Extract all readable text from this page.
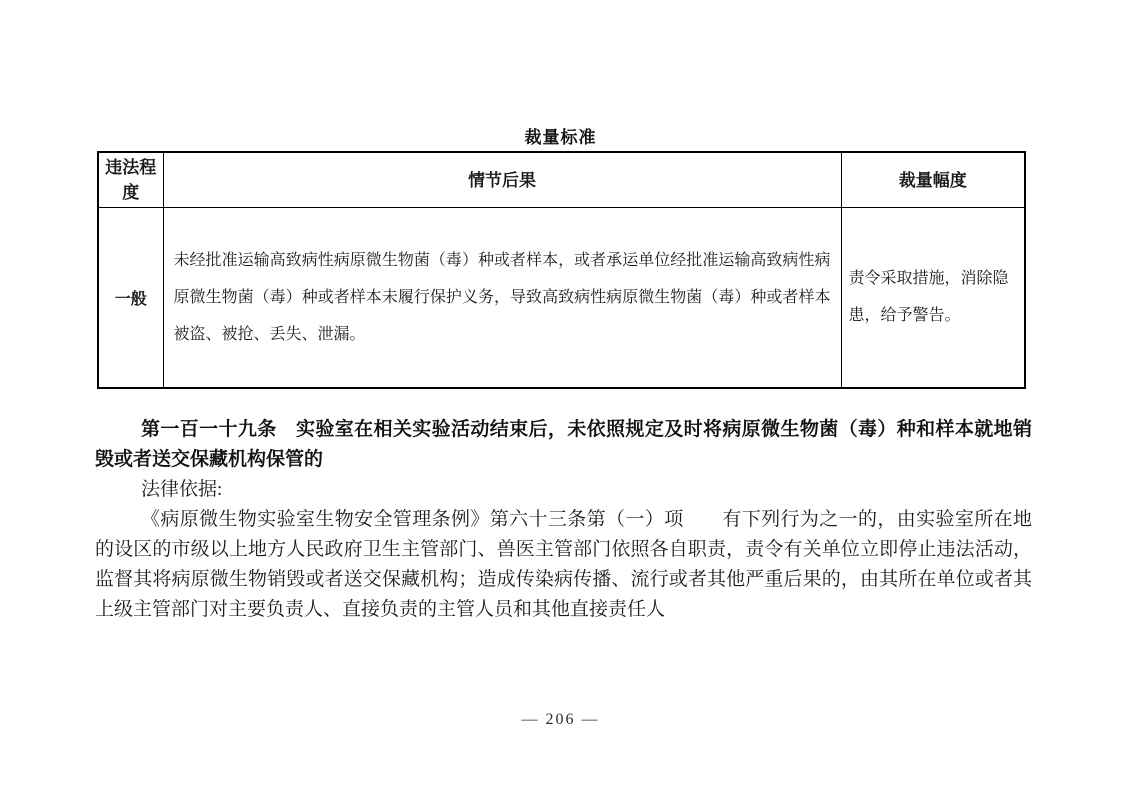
裁量标准
违法程度	情节后果	裁量幅度
一般	未经批准运输高致病性病原微生物菌（毒）种或者样本，或者承运单位经批准运输高致病性病原微生物菌（毒）种或者样本未履行保护义务，导致高致病性病原微生物菌（毒）种或者样本被盗、被抢、丢失、泄漏。	责令采取措施，消除隐患，给予警告。

第一百一十九条　实验室在相关实验活动结束后，未依照规定及时将病原微生物菌（毒）种和样本就地销毁或者送交保藏机构保管的

法律依据:

《病原微生物实验室生物安全管理条例》第六十三条第（一）项　　有下列行为之一的，由实验室所在地的设区的市级以上地方人民政府卫生主管部门、兽医主管部门依照各自职责，责令有关单位立即停止违法活动，监督其将病原微生物销毁或者送交保藏机构；造成传染病传播、流行或者其他严重后果的，由其所在单位或者其上级主管部门对主要负责人、直接负责的主管人员和其他直接责任人

— 206 —
